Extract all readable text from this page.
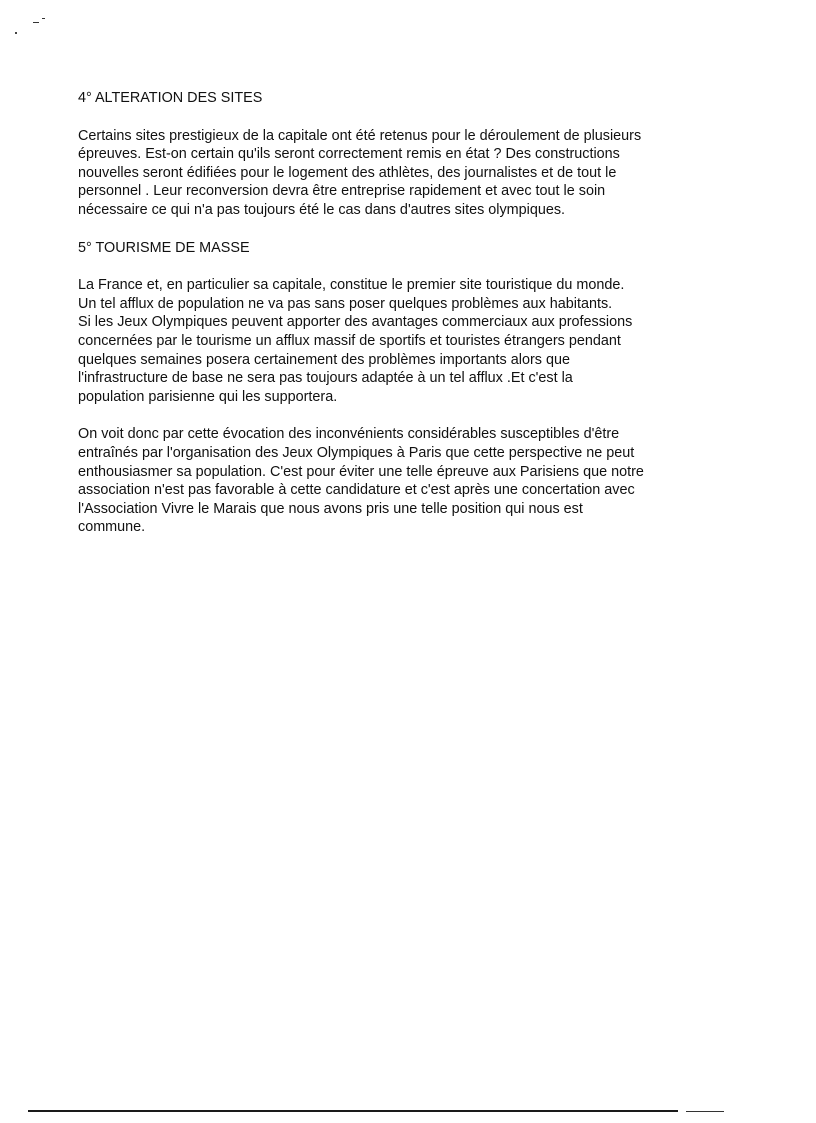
4° ALTERATION DES SITES

Certains sites prestigieux de la capitale ont été retenus pour le déroulement de plusieurs
épreuves. Est-on certain qu'ils seront correctement remis en état ? Des constructions
nouvelles seront édifiées pour le logement des athlètes, des journalistes et de tout le
personnel . Leur reconversion devra être entreprise rapidement et avec tout le soin
nécessaire ce qui n'a pas toujours été le cas dans d'autres sites olympiques.

5° TOURISME DE MASSE

La France et, en particulier sa capitale, constitue le premier site touristique du monde.
Un tel afflux de population ne va pas sans poser quelques problèmes aux habitants.
Si les Jeux Olympiques peuvent apporter des avantages commerciaux aux professions
concernées par le tourisme un afflux massif de sportifs et touristes étrangers pendant
quelques semaines posera certainement des problèmes importants alors que
l'infrastructure de base ne sera pas toujours adaptée à un tel afflux .Et c'est la
population parisienne qui les supportera.

On voit donc par cette évocation des inconvénients considérables susceptibles d'être
entraînés par l'organisation des Jeux Olympiques à Paris que cette perspective ne peut
enthousiasmer sa population. C'est pour éviter une telle épreuve aux Parisiens que notre
association n'est pas favorable à cette candidature et c'est après une concertation avec
l'Association Vivre le Marais que nous avons pris une telle position qui nous est
commune.
